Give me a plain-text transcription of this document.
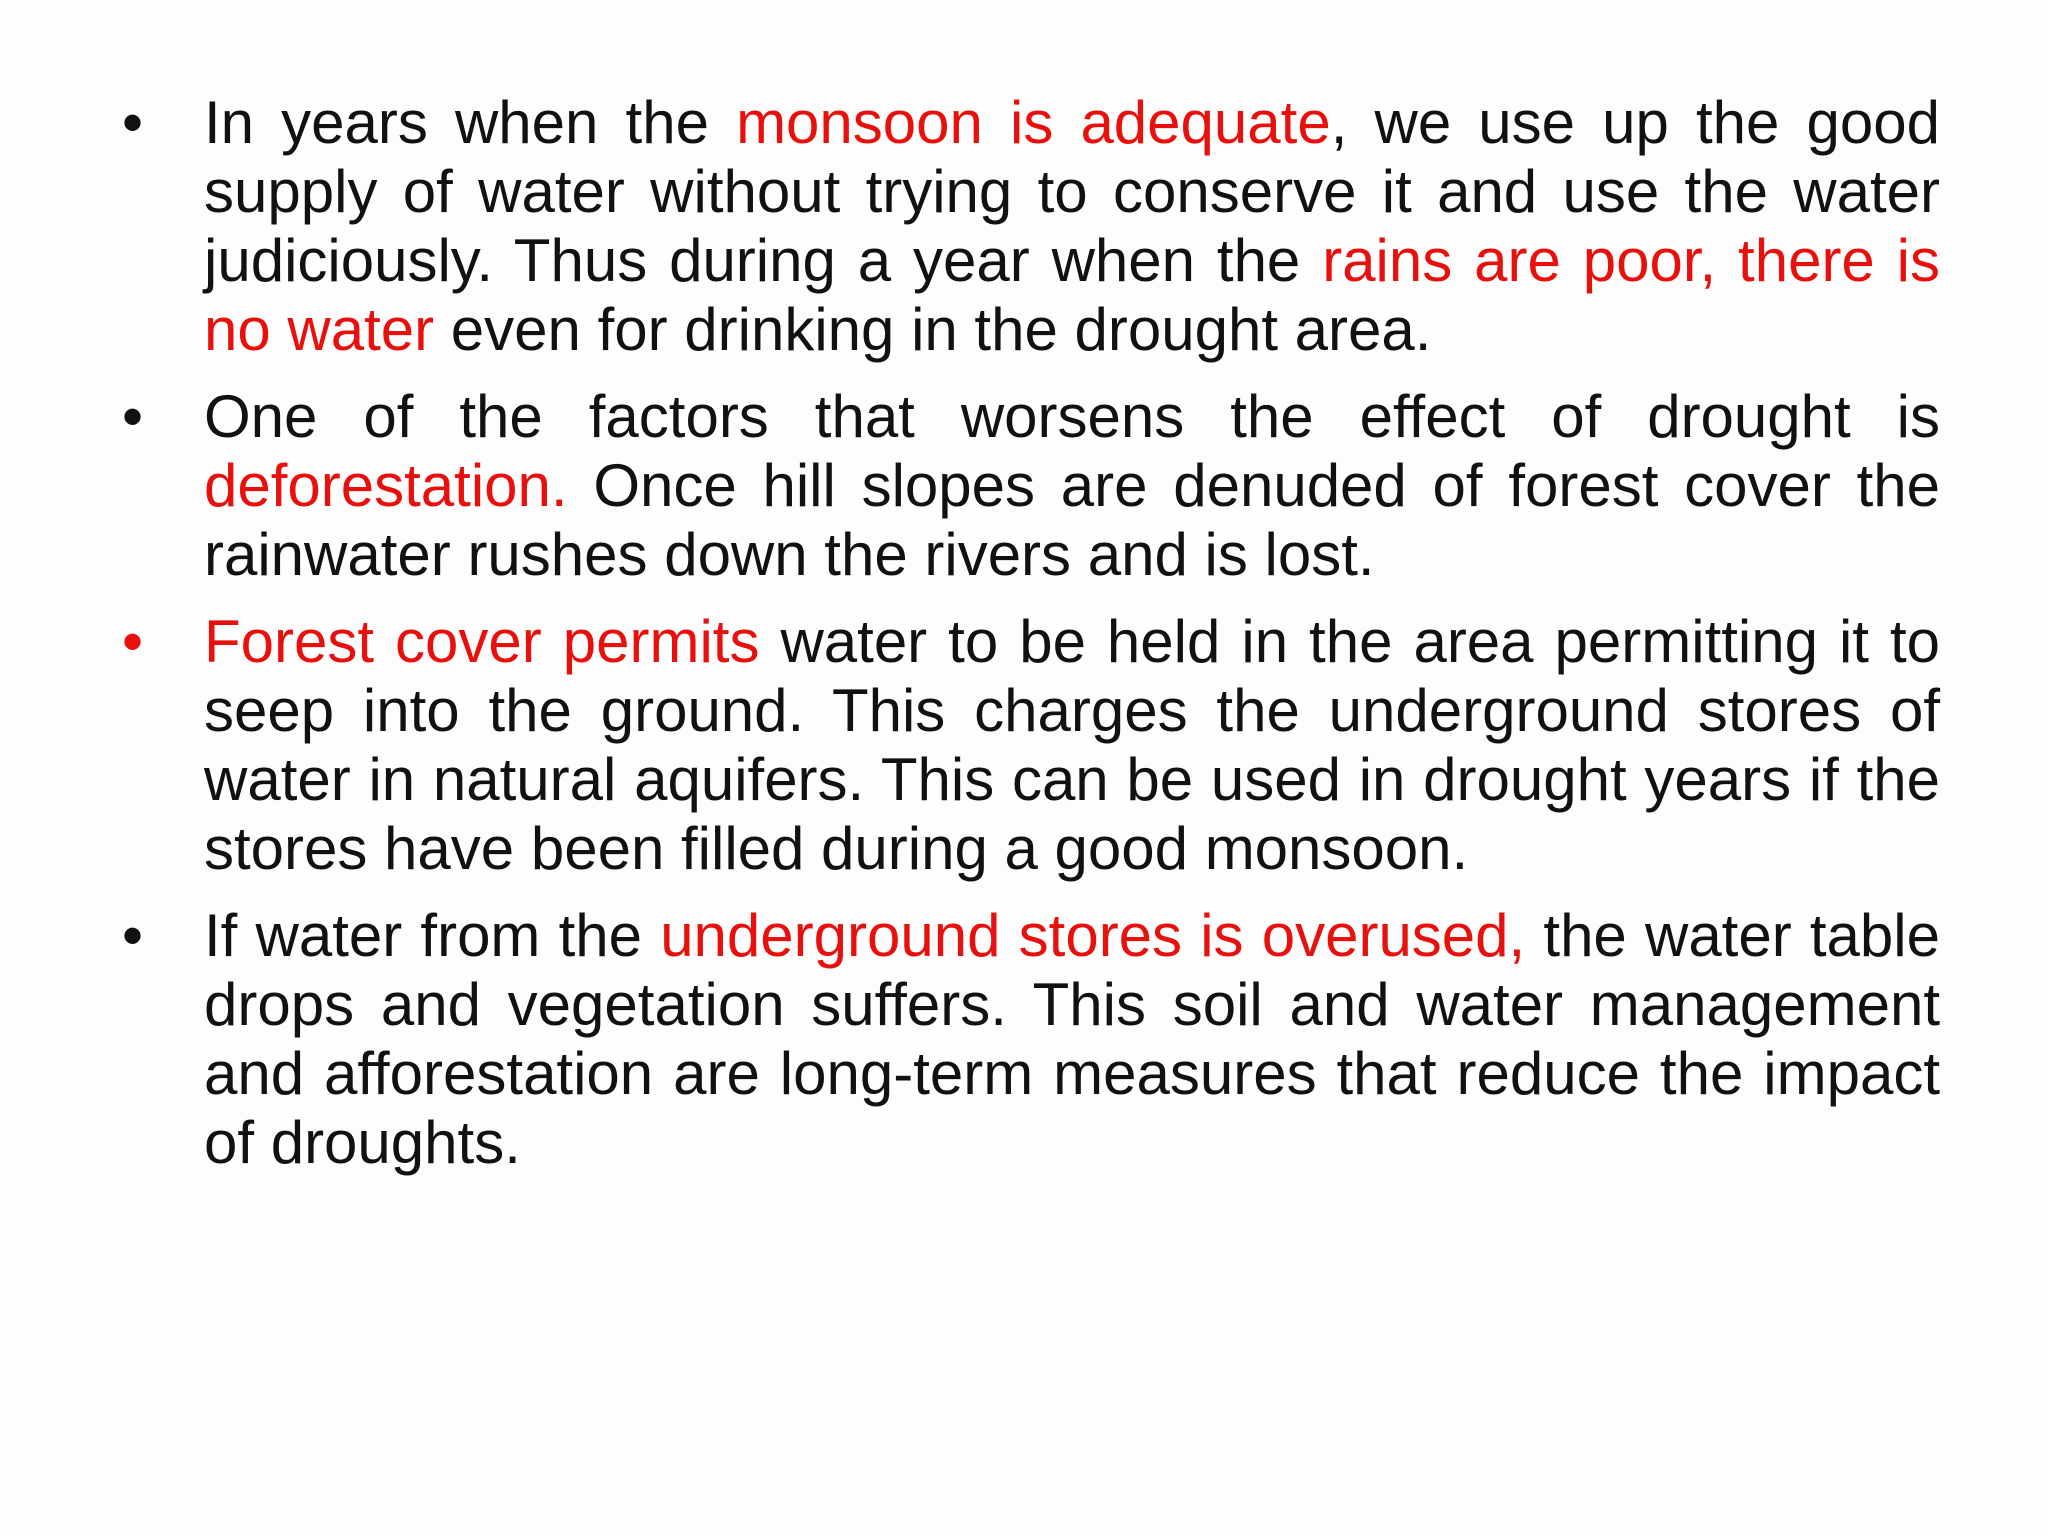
•	In years when the monsoon is adequate, we use up the good supply of water without trying to conserve it and use the water judiciously. Thus during a year when the rains are poor, there is no water even for drinking in the drought area.
•	One of the factors that worsens the effect of drought is deforestation. Once hill slopes are denuded of forest cover the rainwater rushes down the rivers and is lost.
•	Forest cover permits water to be held in the area permitting it to seep into the ground. This charges the underground stores of water in natural aquifers. This can be used in drought years if the stores have been filled during a good monsoon.
•	If water from the underground stores is overused, the water table drops and vegetation suffers. This soil and water management and afforestation are long-term measures that reduce the impact of droughts.
